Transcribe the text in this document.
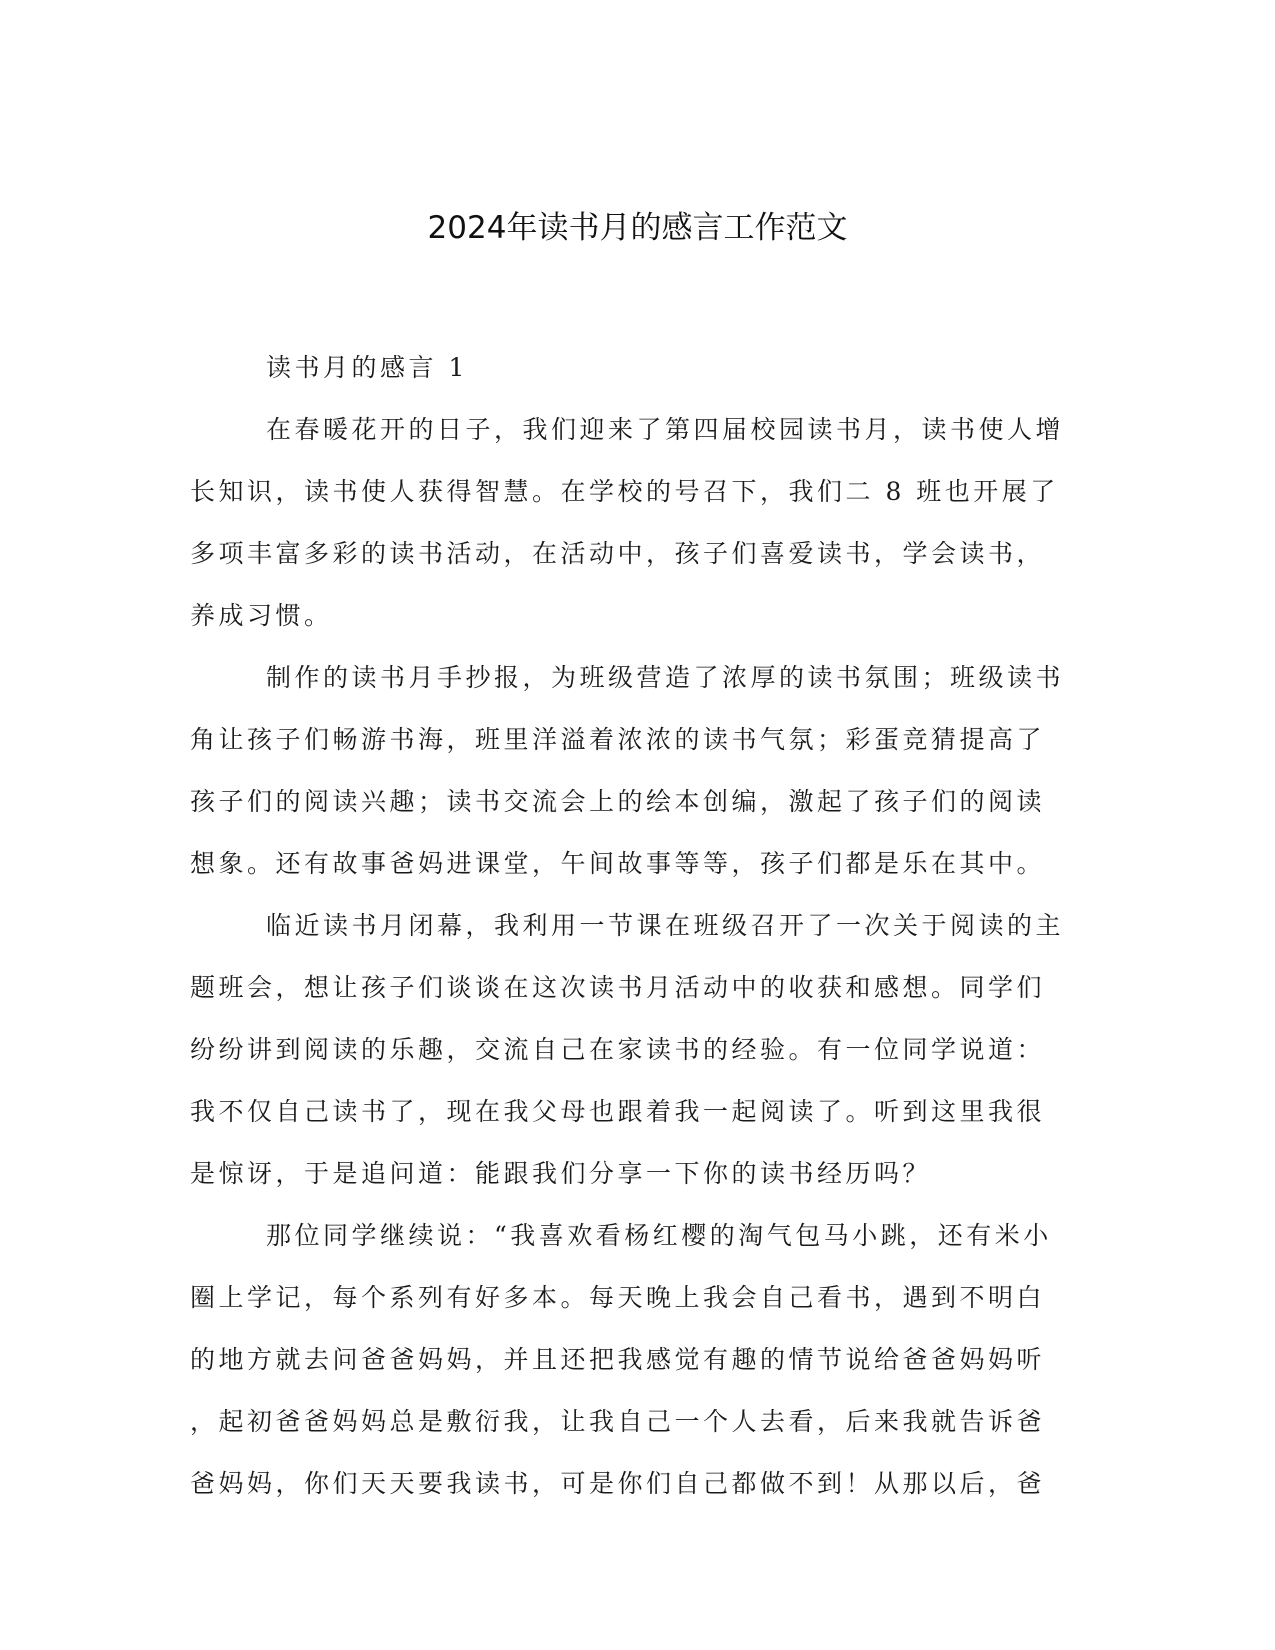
2024年读书月的感言工作范文
读书月的感言 1
在春暖花开的日子，我们迎来了第四届校园读书月，读书使人增
长知识，读书使人获得智慧。在学校的号召下，我们二 8 班也开展了
多项丰富多彩的读书活动，在活动中，孩子们喜爱读书，学会读书，
养成习惯。
制作的读书月手抄报，为班级营造了浓厚的读书氛围；班级读书
角让孩子们畅游书海，班里洋溢着浓浓的读书气氛；彩蛋竞猜提高了
孩子们的阅读兴趣；读书交流会上的绘本创编，激起了孩子们的阅读
想象。还有故事爸妈进课堂，午间故事等等，孩子们都是乐在其中。
临近读书月闭幕，我利用一节课在班级召开了一次关于阅读的主
题班会，想让孩子们谈谈在这次读书月活动中的收获和感想。同学们
纷纷讲到阅读的乐趣，交流自己在家读书的经验。有一位同学说道：
我不仅自己读书了，现在我父母也跟着我一起阅读了。听到这里我很
是惊讶，于是追问道：能跟我们分享一下你的读书经历吗？
那位同学继续说：“我喜欢看杨红樱的淘气包马小跳，还有米小
圈上学记，每个系列有好多本。每天晚上我会自己看书，遇到不明白
的地方就去问爸爸妈妈，并且还把我感觉有趣的情节说给爸爸妈妈听
，起初爸爸妈妈总是敷衍我，让我自己一个人去看，后来我就告诉爸
爸妈妈，你们天天要我读书，可是你们自己都做不到！从那以后，爸
